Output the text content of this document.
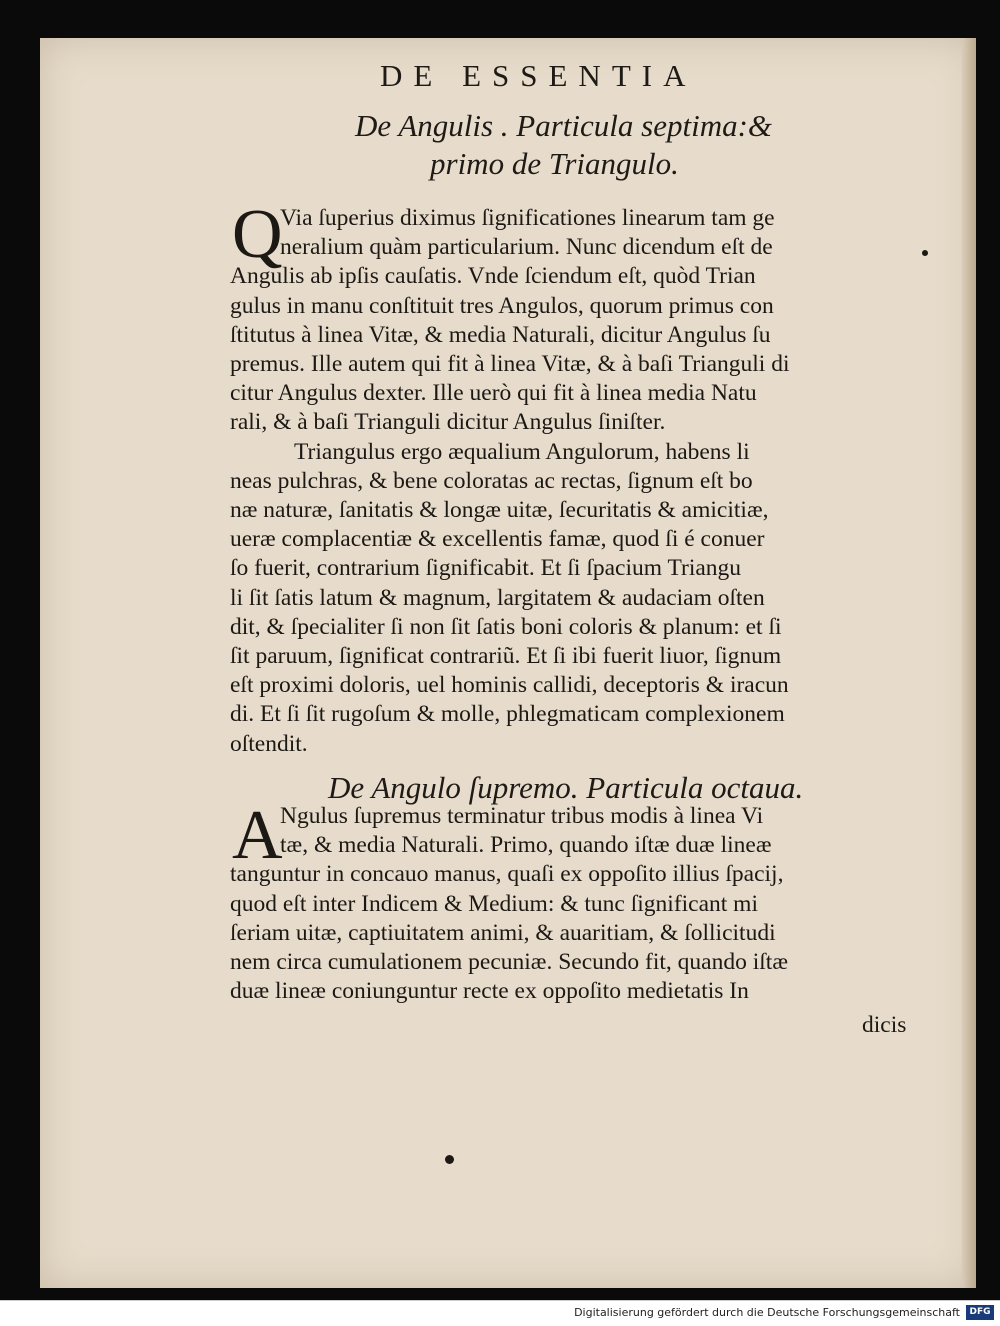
DE ESSENTIA
De Angulis . Particula septima:&
primo de Triangulo.
Q
Via ſuperius diximus ſignificationes linearum tam ge
neralium quàm particularium. Nunc dicendum eſt de
Angulis ab ipſis cauſatis. Vnde ſciendum eſt, quòd Trian
gulus in manu conſtituit tres Angulos, quorum primus con
ſtitutus à linea Vitæ, & media Naturali, dicitur Angulus ſu
premus. Ille autem qui fit à linea Vitæ, & à baſi Trianguli di
citur Angulus dexter. Ille uerò qui fit à linea media Natu
rali, & à baſi Trianguli dicitur Angulus ſiniſter.
Triangulus ergo æqualium Angulorum, habens li
neas pulchras, & bene coloratas ac rectas, ſignum eſt bo
næ naturæ, ſanitatis & longæ uitæ, ſecuritatis & amicitiæ,
ueræ complacentiæ & excellentis famæ, quod ſi é conuer
ſo fuerit, contrarium ſignificabit. Et ſi ſpacium Triangu
li ſit ſatis latum & magnum, largitatem & audaciam oſten
dit, & ſpecialiter ſi non ſit ſatis boni coloris & planum: et ſi
ſit paruum, ſignificat contrariũ. Et ſi ibi fuerit liuor, ſignum
eſt proximi doloris, uel hominis callidi, deceptoris & iracun
di. Et ſi ſit rugoſum & molle, phlegmaticam complexionem
oſtendit.
De Angulo ſupremo. Particula octaua.
A
Ngulus ſupremus terminatur tribus modis à linea Vi
tæ, & media Naturali. Primo, quando iſtæ duæ lineæ
tanguntur in concauo manus, quaſi ex oppoſito illius ſpacij,
quod eſt inter Indicem & Medium: & tunc ſignificant mi
ſeriam uitæ, captiuitatem animi, & auaritiam, & ſollicitudi
nem circa cumulationem pecuniæ. Secundo fit, quando iſtæ
duæ lineæ coniunguntur recte ex oppoſito medietatis In
dicis
Digitalisierung gefördert durch die Deutsche Forschungsgemeinschaft	DFG
